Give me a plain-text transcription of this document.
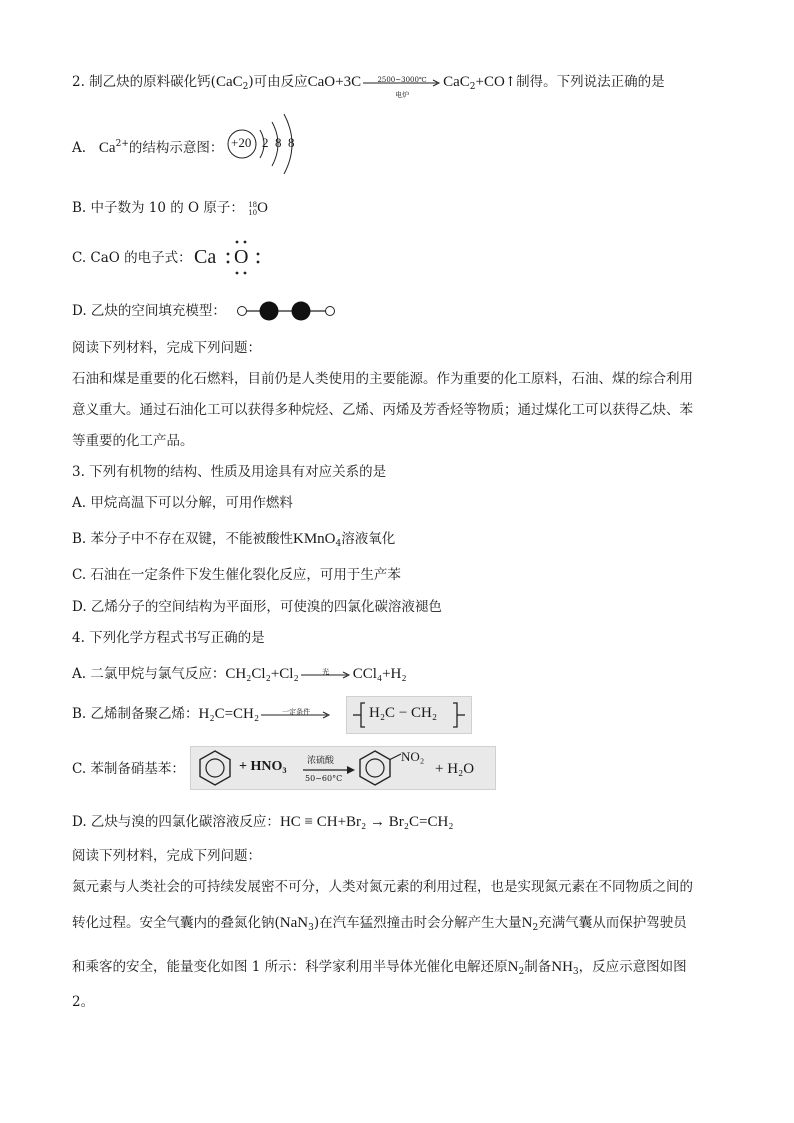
2. 制乙炔的原料碳化钙(CaC$_2$)可由反应CaO+3C	2500~3000℃
电炉
CaC$_2$+CO↑制得。下列说法正确的是
A. $Ca^{2+}$的结构示意图： +20 2 8 8
B. 中子数为 10 的 O 原子： 18
10O
C. CaO 的电子式： Ca O
D. 乙炔的空间填充模型：
阅读下列材料，完成下列问题：
石油和煤是重要的化石燃料，目前仍是人类使用的主要能源。作为重要的化工原料，石油、煤的综合利用
意义重大。通过石油化工可以获得多种烷烃、乙烯、丙烯及芳香烃等物质；通过煤化工可以获得乙炔、苯
等重要的化工产品。
3. 下列有机物的结构、性质及用途具有对应关系的是
A. 甲烷高温下可以分解，可用作燃料
B. 苯分子中不存在双键，不能被酸性KMnO$_4$溶液氧化
C. 石油在一定条件下发生催化裂化反应，可用于生产苯
D. 乙烯分子的空间结构为平面形，可使溴的四氯化碳溶液褪色
4. 下列化学方程式书写正确的是
A. 二氯甲烷与氯气反应：CH₂Cl₂+Cl₂	光	CCl₄+H₂
B. 乙烯制备聚乙烯：H₂C=CH₂	一定条件	H₂C − CH₂
C. 苯制备硝基苯：	+ HNO₃ 浓硫酸
50~60°C
NO₂
+ H₂O
D. 乙炔与溴的四氯化碳溶液反应：HC ≡ CH+Br₂ → Br₂C=CH₂
阅读下列材料，完成下列问题：
氮元素与人类社会的可持续发展密不可分，人类对氮元素的利用过程，也是实现氮元素在不同物质之间的
转化过程。安全气囊内的叠氮化钠(NaN$_3$)在汽车猛烈撞击时会分解产生大量$N_2$充满气囊从而保护驾驶员
和乘客的安全，能量变化如图 1 所示：科学家利用半导体光催化电解还原$N_2$制备$NH_3$，反应示意图如图
2。
